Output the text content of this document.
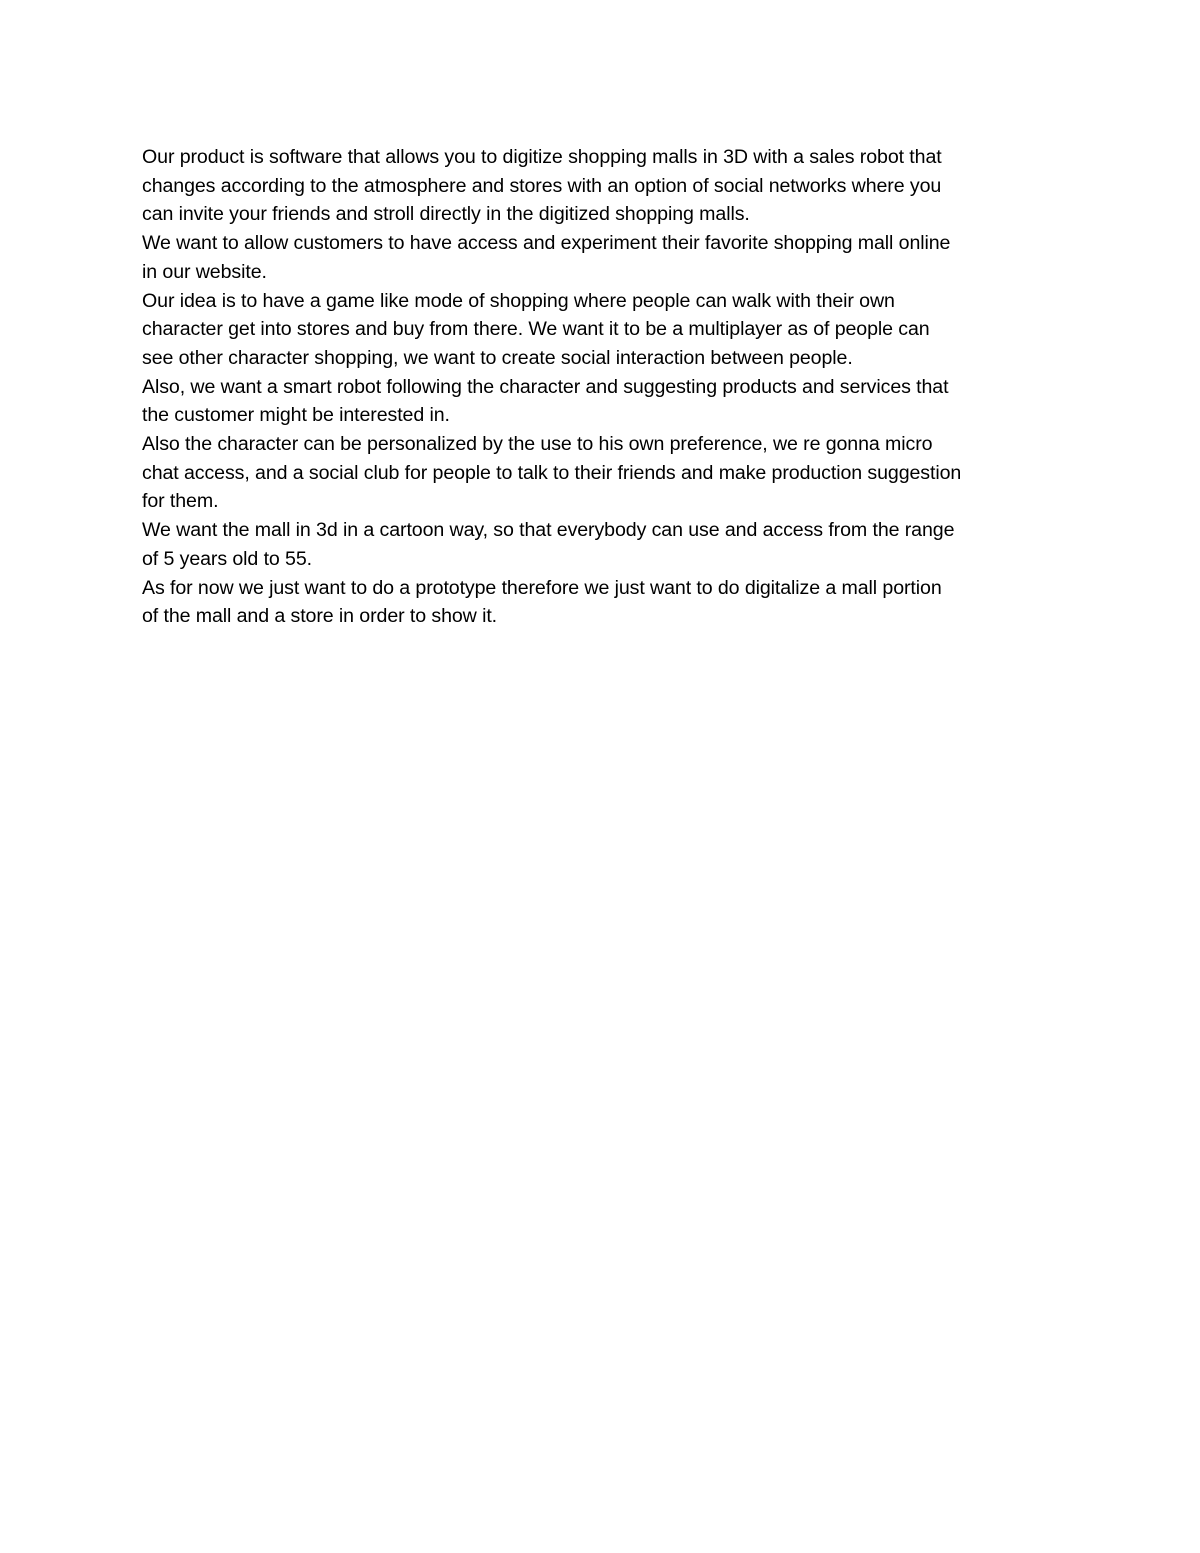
Our product is software that allows you to digitize shopping malls in 3D with a sales robot that
changes according to the atmosphere and stores with an option of social networks where you
can invite your friends and stroll directly in the digitized shopping malls.
We want to allow customers to have access and experiment their favorite shopping mall online
in our website.
Our idea is to have a game like mode of shopping where people can walk with their own
character get into stores and buy from there. We want it to be a multiplayer as of people can
see other character shopping, we want to create social interaction between people.
Also, we want a smart robot following the character and suggesting products and services that
the customer might be interested in.
Also the character can be personalized by the use to his own preference, we re gonna micro
chat access, and a social club for people to talk to their friends and make production suggestion
for them.
We want the mall in 3d in a cartoon way, so that everybody can use and access from the range
of 5 years old to 55.
As for now we just want to do a prototype therefore we just want to do digitalize a mall portion
of the mall and a store in order to show it.
